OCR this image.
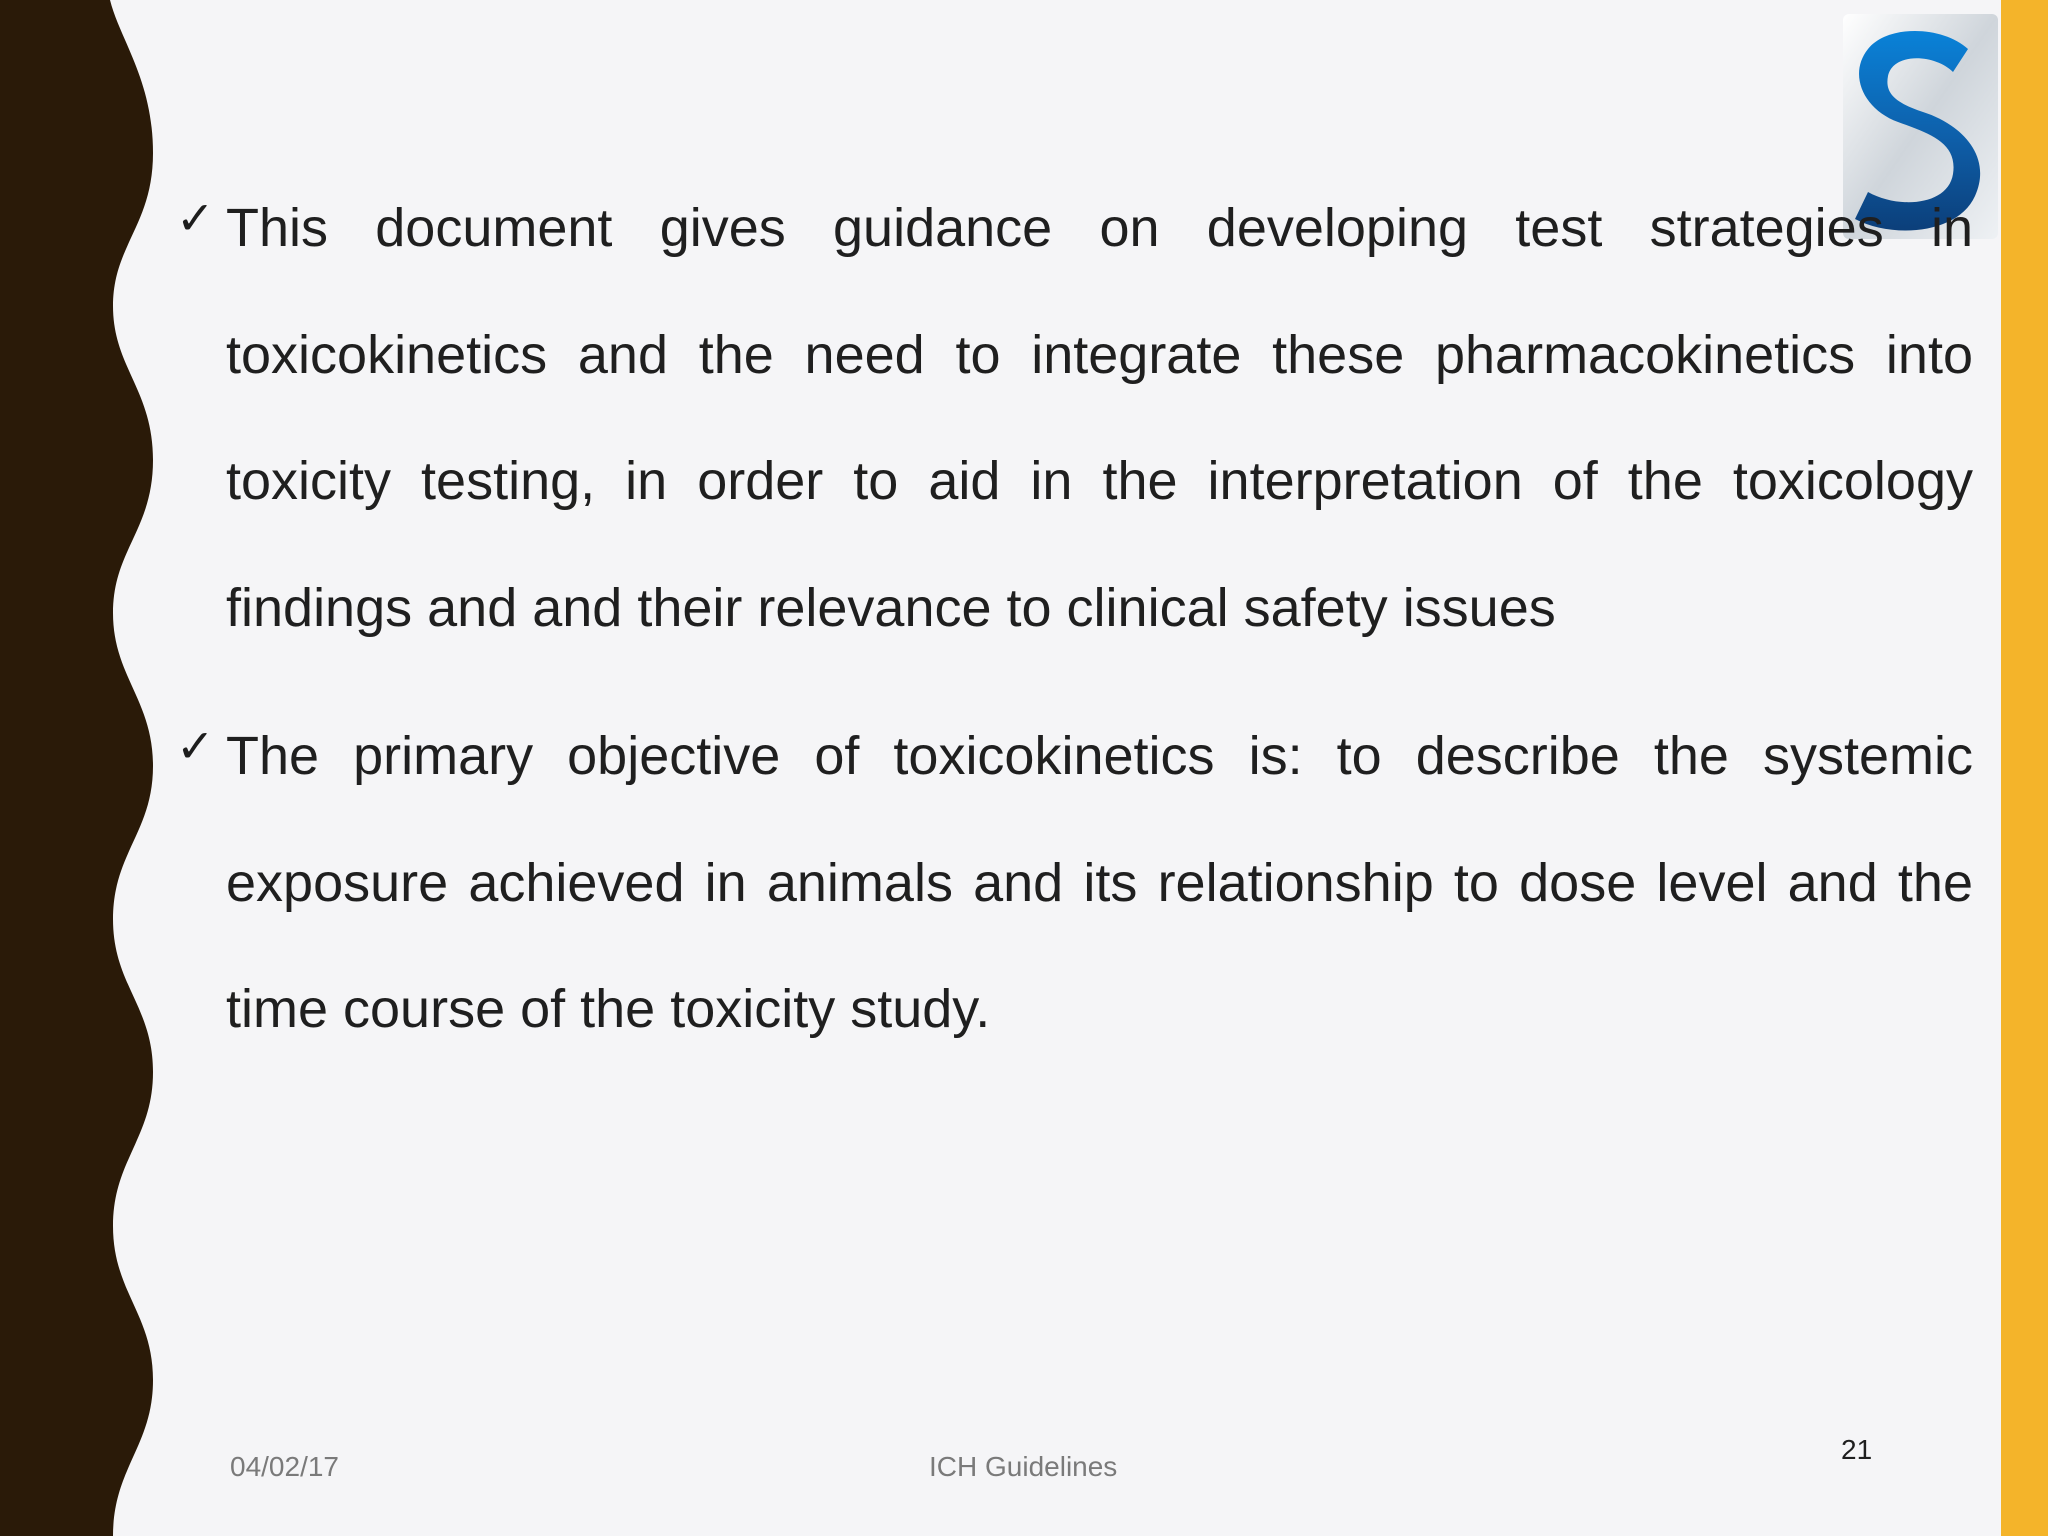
✓ This document gives guidance on developing test strategies in toxicokinetics and the need to integrate these pharmacokinetics into toxicity testing, in order to aid in the interpretation of the toxicology findings and and their relevance to clinical safety issues

✓ The primary objective of toxicokinetics is: to describe the systemic exposure achieved in animals and its relationship to dose level and the time course of the toxicity study.

04/02/17	ICH Guidelines
21
